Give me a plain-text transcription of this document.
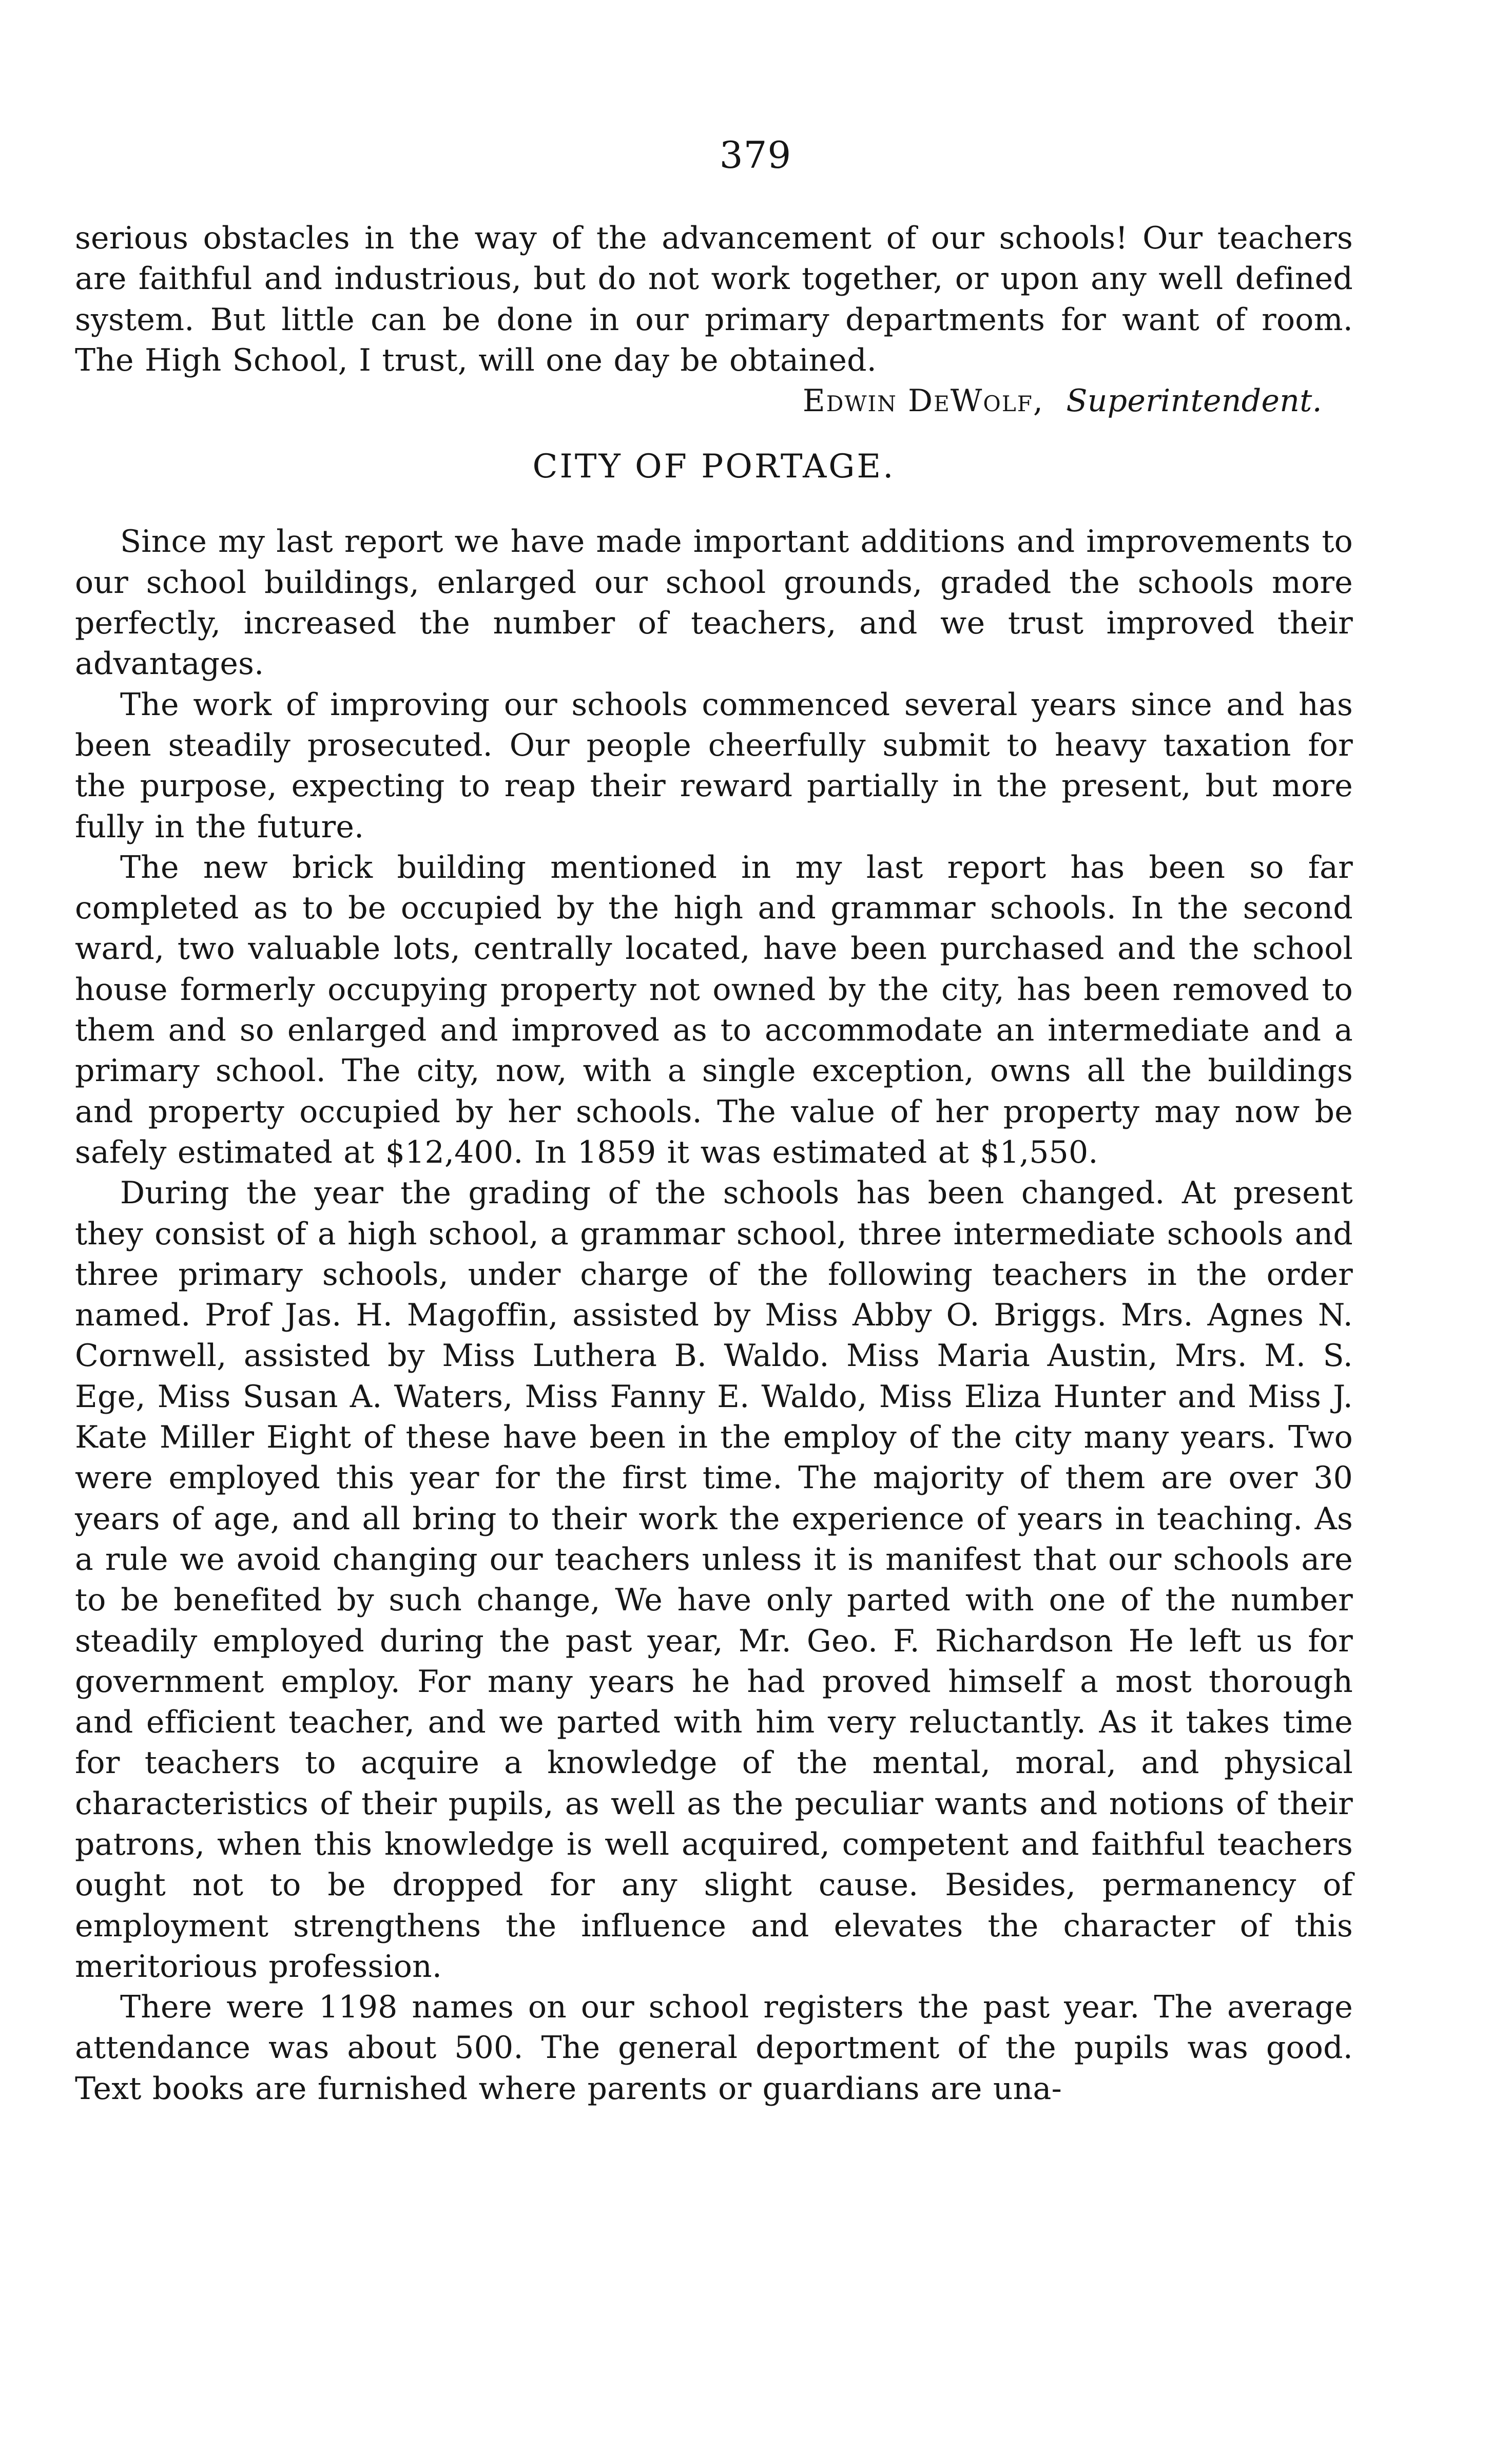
379

serious obstacles in the way of the advancement of our schools! Our teachers are faithful and industrious, but do not work together, or upon any well defined system. But little can be done in our primary departments for want of room. The High School, I trust, will one day be obtained.

Edwin DeWolf, Superintendent.

CITY OF PORTAGE.

Since my last report we have made important additions and improvements to our school buildings, enlarged our school grounds, graded the schools more perfectly, increased the number of teachers, and we trust improved their advantages.

The work of improving our schools commenced several years since and has been steadily prosecuted. Our people cheerfully submit to heavy taxation for the purpose, expecting to reap their reward partially in the present, but more fully in the future.

The new brick building mentioned in my last report has been so far completed as to be occupied by the high and grammar schools. In the second ward, two valuable lots, centrally located, have been purchased and the school house formerly occupying property not owned by the city, has been removed to them and so enlarged and improved as to accommodate an intermediate and a primary school. The city, now, with a single exception, owns all the buildings and property occupied by her schools. The value of her property may now be safely estimated at $12,400. In 1859 it was estimated at $1,550.

During the year the grading of the schools has been changed. At present they consist of a high school, a grammar school, three intermediate schools and three primary schools, under charge of the following teachers in the order named. Prof Jas. H. Magoffin, assisted by Miss Abby O. Briggs. Mrs. Agnes N. Cornwell, assisted by Miss Luthera B. Waldo. Miss Maria Austin, Mrs. M. S. Ege, Miss Susan A. Waters, Miss Fanny E. Waldo, Miss Eliza Hunter and Miss J. Kate Miller Eight of these have been in the employ of the city many years. Two were employed this year for the first time. The majority of them are over 30 years of age, and all bring to their work the experience of years in teaching. As a rule we avoid changing our teachers unless it is manifest that our schools are to be benefited by such change, We have only parted with one of the number steadily employed during the past year, Mr. Geo. F. Richardson He left us for government employ. For many years he had proved himself a most thorough and efficient teacher, and we parted with him very reluctantly. As it takes time for teachers to acquire a knowledge of the mental, moral, and physical characteristics of their pupils, as well as the peculiar wants and notions of their patrons, when this knowledge is well acquired, competent and faithful teachers ought not to be dropped for any slight cause. Besides, permanency of employment strengthens the influence and elevates the character of this meritorious profession.

There were 1198 names on our school registers the past year. The average attendance was about 500. The general deportment of the pupils was good. Text books are furnished where parents or guardians are una-
